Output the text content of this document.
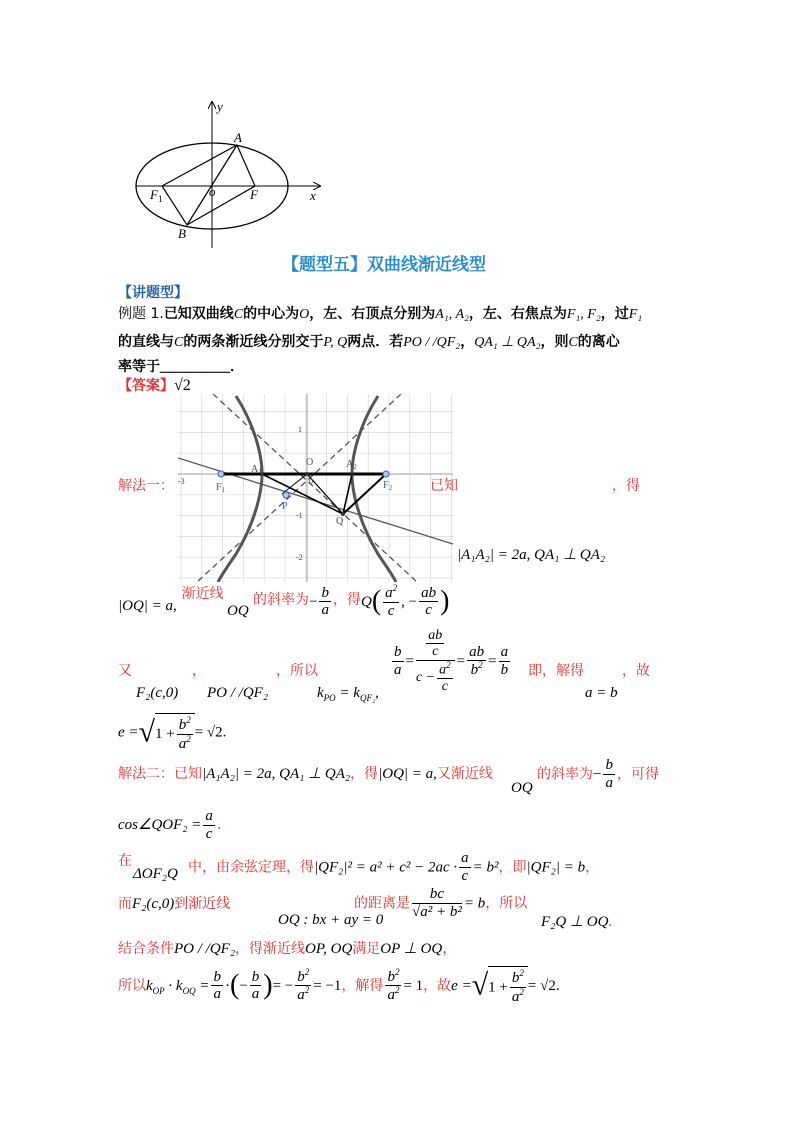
y
x
A
$F_1$	o	F
B
【题型五】双曲线渐近线型
【讲题型】
例题 1.已知双曲线C的中心为O，左、右顶点分别为A₁, A₂，左、右焦点为F₁, F₂，过F₁
的直线与C的两条渐近线分别交于P, Q两点．若PO / /QF₂，QA₁ ⊥ QA₂，则C的离心
率等于＿＿＿＿＿．
【答案】√2
O
$A_1$
$A_2$
$F_1$	$F_2$
P
Q
-3
1
-1
-2
0
解法一：	已知	，得
|A₁A₂| = 2a, QA₁ ⊥ QA₂
|OQ| = a, 渐近线
OQ
的斜率为− $\frac{b}{a}$ ，得$Q( \frac{a^2}{c}$ , − $\frac{ab}{c}$ )
又	，	，所以	$\frac{b}{a} = \frac{\frac{ab}{c}}{c - \frac{a^2}{c}} = \frac{ab}{b^2} = \frac{a}{b}$ 即，解得	，故
F₂(c,0) PO / /QF₂	$k_{PO} = k_{QF_2}$,	a = b
$e =√1 + \frac{b^2}{a^2} = √2$.
解法二：已知|A₁A₂| = 2a, QA₁ ⊥ QA₂，得|OQ| = a,又渐近线
OQ
的斜率为− $\frac{b}{a}$ ，可得
cos∠QOF₂ = $\frac{a}{c}$ .
在
ΔOF₂Q 中，由余弦定理，得$|QF_2|^2 = a^2 + c^2 - 2ac \cdot \frac{a}{c} = b^2$，即|QF₂| = b，
而F₂(c,0)到渐近线
OQ : bx + ay = 0
的距离是 $\frac{bc}{\text{√a² + b²}} = b$，所以
F₂Q ⊥ OQ.
结合条件PO / /QF₂，得渐近线OP, OQ满足OP ⊥ OQ，
所以$k_{OP} \cdot k_{OQ} = \frac{b}{a}$ ·(− $\frac{b}{a}$ )= − $\frac{b^2}{a^2} = -1$，解得 $\frac{b^2}{a^2} = 1$，故$e =√1 + \frac{b^2}{a^2} = √2$.
